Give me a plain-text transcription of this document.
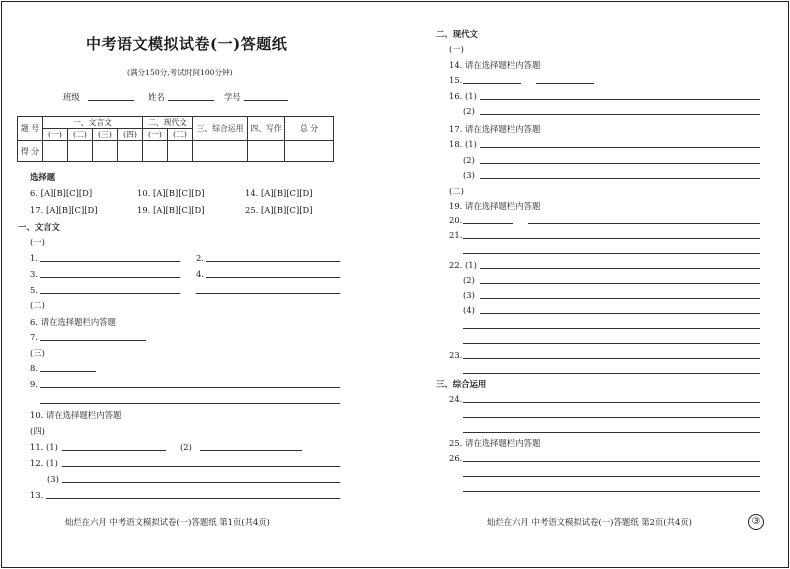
中考语文模拟试卷(一)答题纸
(满分150分,考试时间100分钟)
班级	姓名	学号
题 号	一、文言文				二、现代文		三、综合运用	四、写作	总 分
	(一)	(二)	(三)	(四)	(一)	(二)			
得 分									
选择题
6. [A][B][C][D]	10. [A][B][C][D]	14. [A][B][C][D]
17. [A][B][C][D]	19. [A][B][C][D]	25. [A][B][C][D]
一、文言文
(一)
1.	2.
3.	4.
5.
(二)
6. 请在选择题栏内答题
7.
(三)
8.
9.
10. 请在选择题栏内答题
(四)
11. (1)	(2)
12. (1)
(3)
13.
灿烂在六月 中考语文模拟试卷(一)答题纸 第1页(共4页)
二、现代文
(一)
14. 请在选择题栏内答题
15.
16. (1)
(2)
17. 请在选择题栏内答题
18. (1)
(2)
(3)
(二)
19. 请在选择题栏内答题
20.
21.
22. (1)
(2)
(3)
(4)
23.
三、综合运用
24.
25. 请在选择题栏内答题
26.
灿烂在六月 中考语文模拟试卷(一)答题纸 第2页(共4页)	③
